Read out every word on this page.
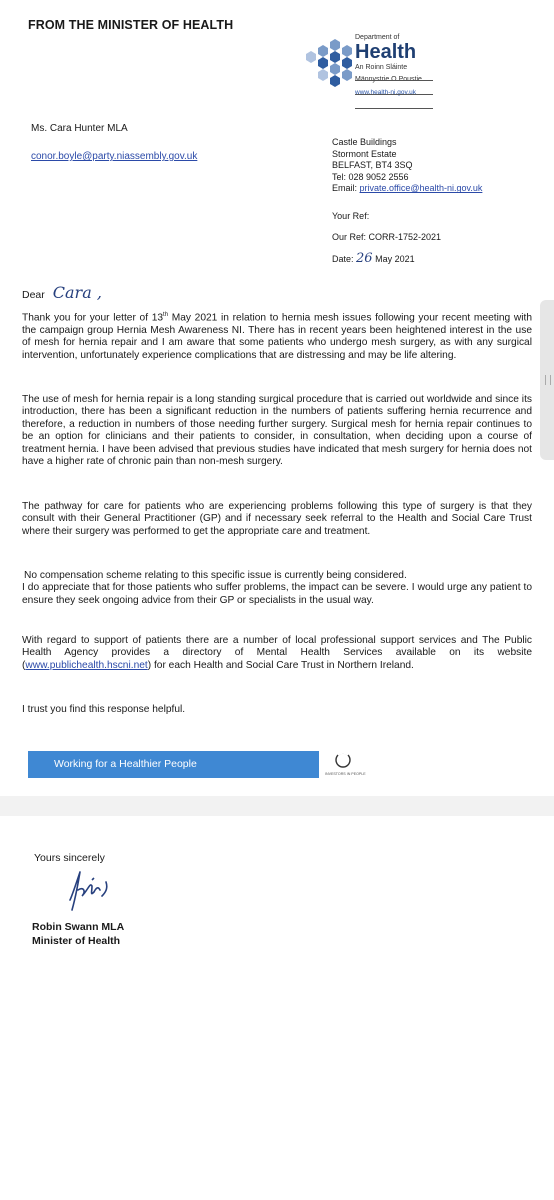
FROM THE MINISTER OF HEALTH
Department of
Health
An Roinn Sláinte
Männystrie O Poustie
www.health-ni.gov.uk
Ms. Cara Hunter MLA
conor.boyle@party.niassembly.gov.uk
Castle Buildings
Stormont Estate
BELFAST, BT4 3SQ
Tel: 028 9052 2556
Email: private.office@health-ni.gov.uk
Your Ref:
Our Ref: CORR-1752-2021
Date: 26 May 2021
Dear Cara ,

Thank you for your letter of 13th May 2021 in relation to hernia mesh issues following your recent meeting with the campaign group Hernia Mesh Awareness NI. There has in recent years been heightened interest in the use of mesh for hernia repair and I am aware that some patients who undergo mesh surgery, as with any surgical intervention, unfortunately experience complications that are distressing and may be life altering.

The use of mesh for hernia repair is a long standing surgical procedure that is carried out worldwide and since its introduction, there has been a significant reduction in the numbers of patients suffering hernia recurrence and therefore, a reduction in numbers of those needing further surgery. Surgical mesh for hernia repair continues to be an option for clinicians and their patients to consider, in consultation, when deciding upon a course of treatment hernia. I have been advised that previous studies have indicated that mesh surgery for hernia does not have a higher rate of chronic pain than non-mesh surgery.

The pathway for care for patients who are experiencing problems following this type of surgery is that they consult with their General Practitioner (GP) and if necessary seek referral to the Health and Social Care Trust where their surgery was performed to get the appropriate care and treatment.

No compensation scheme relating to this specific issue is currently being considered.

I do appreciate that for those patients who suffer problems, the impact can be severe. I would urge any patient to ensure they seek ongoing advice from their GP or specialists in the usual way.

With regard to support of patients there are a number of local professional support services and The Public Health Agency provides a directory of Mental Health Services available on its website (www.publichealth.hscni.net) for each Health and Social Care Trust in Northern Ireland.

I trust you find this response helpful.

Working for a Healthier People
INVESTORS IN PEOPLE
Yours sincerely
Robin Swann MLA
Minister of Health
